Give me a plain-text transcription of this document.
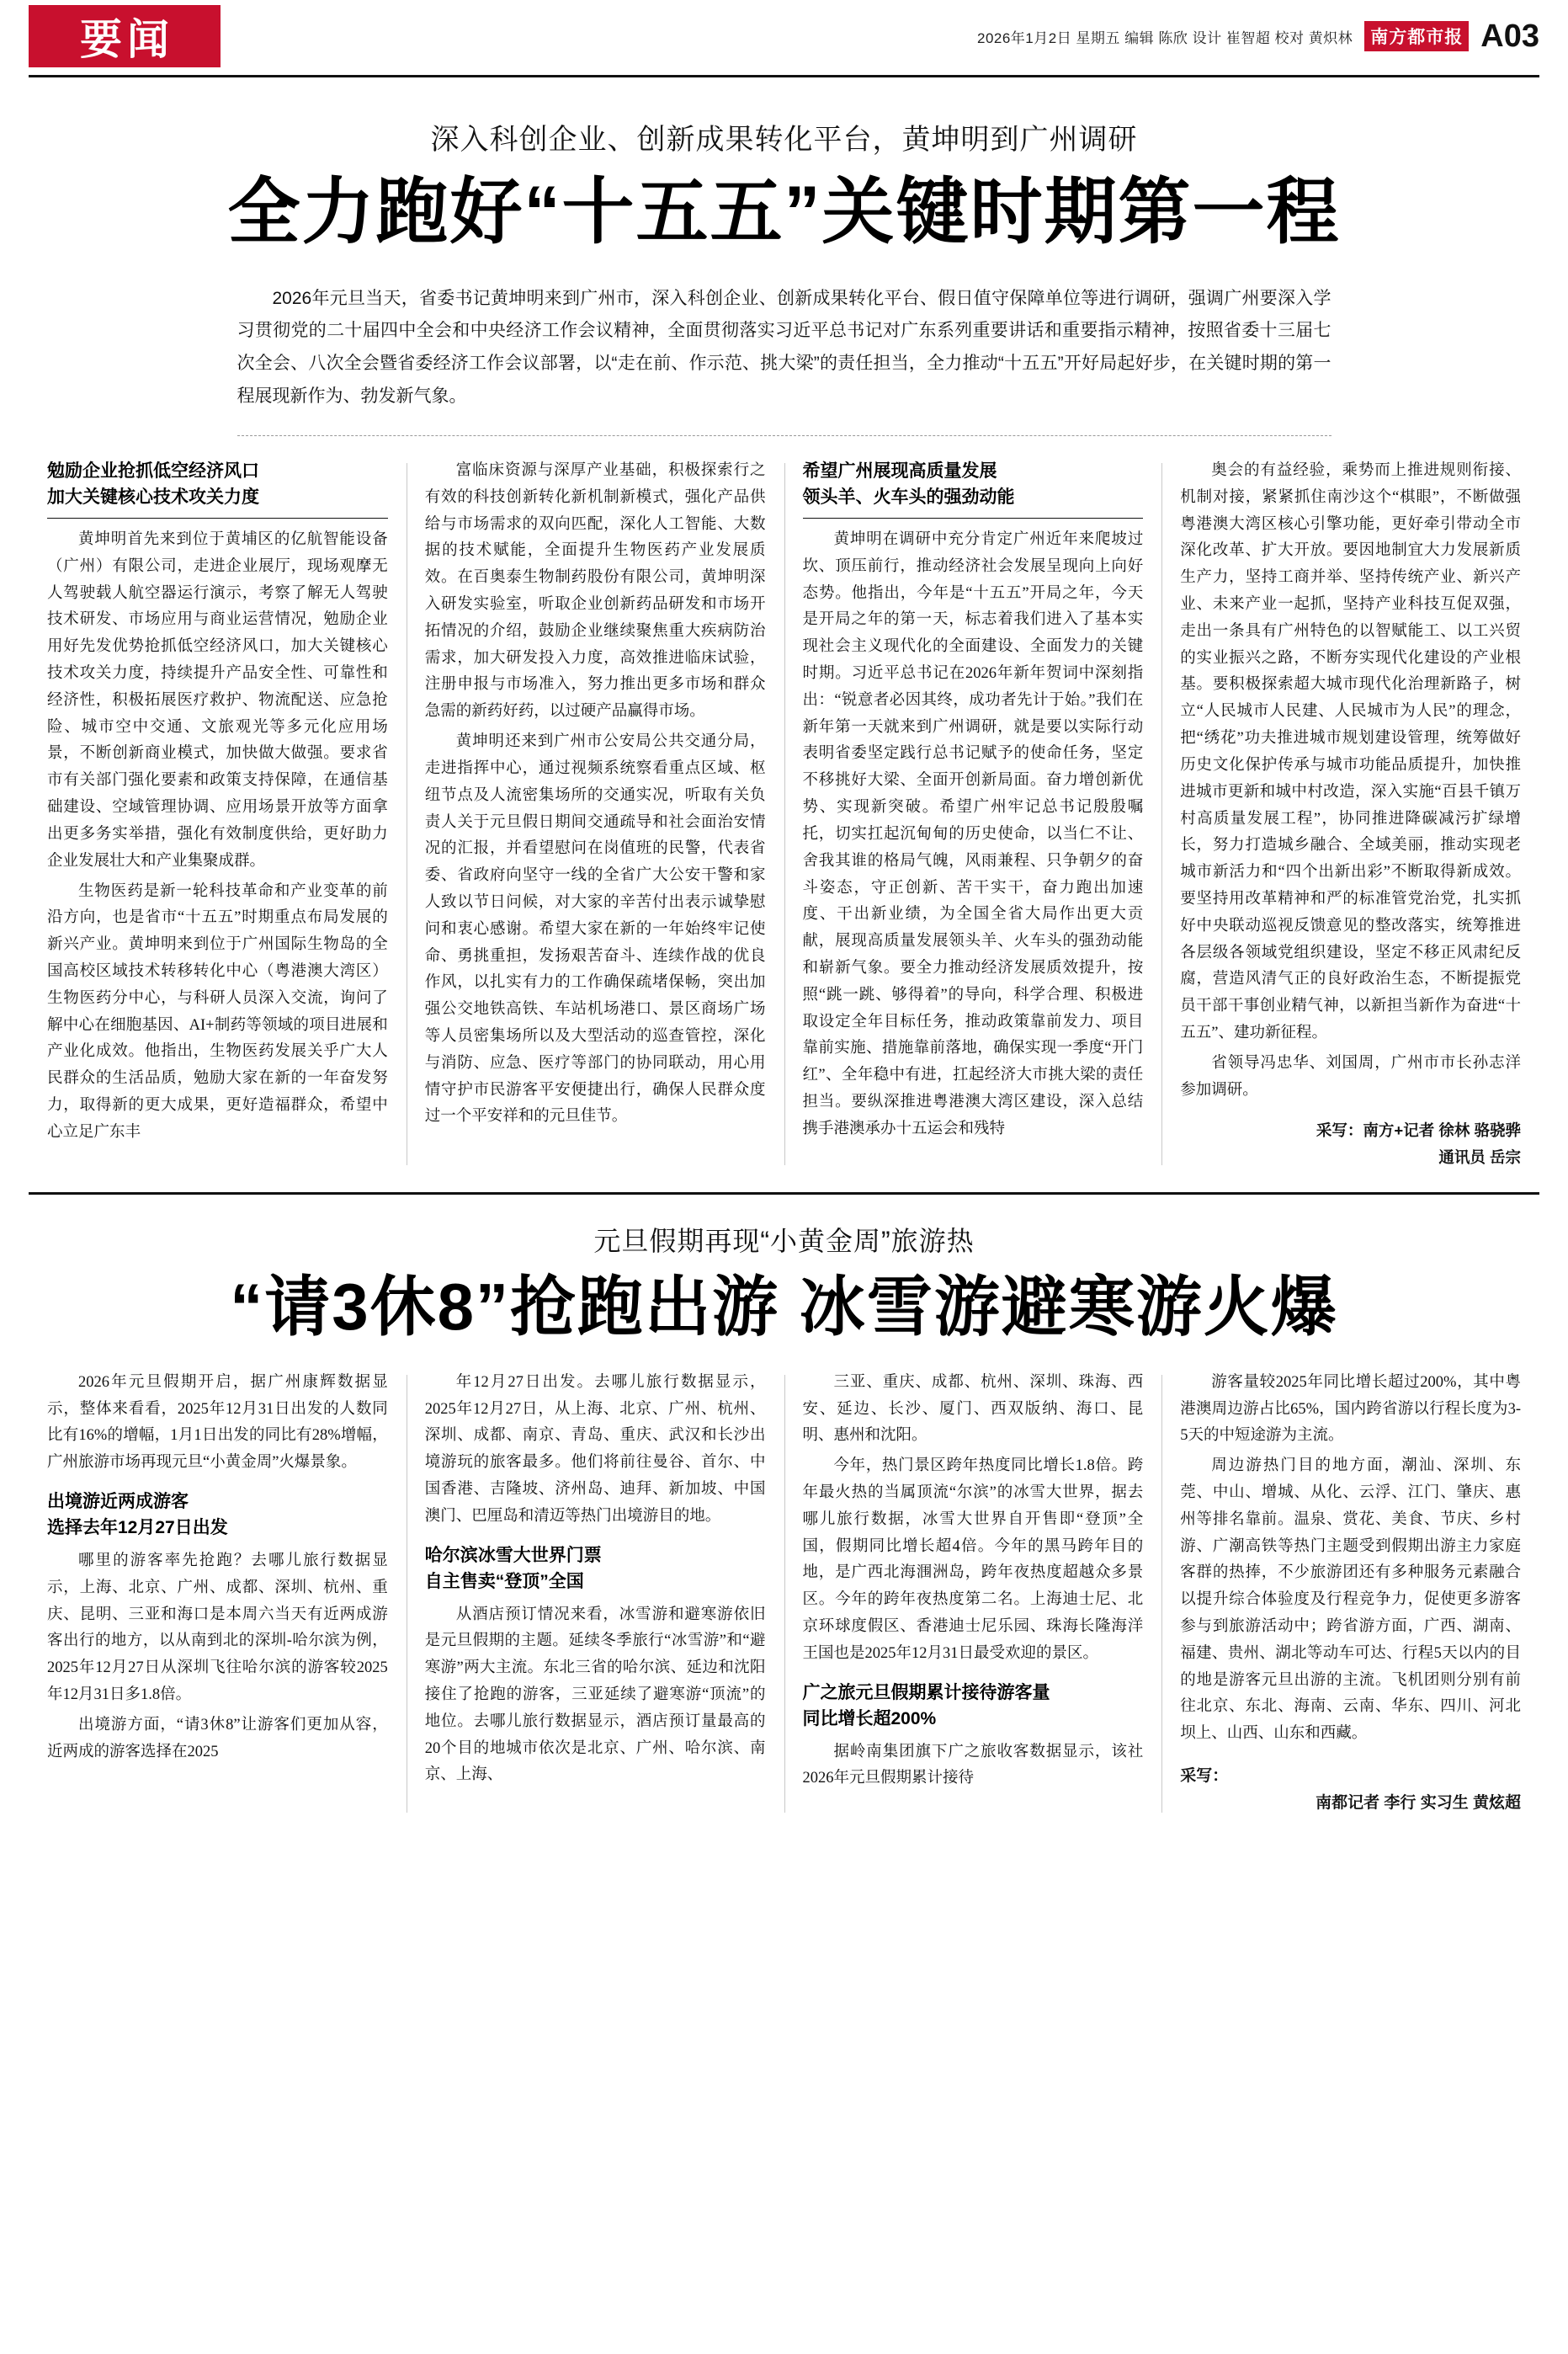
要闻	2026年1月2日 星期五 编辑 陈欣 设计 崔智超 校对 黄炽林	南方都市报 A03
深入科创企业、创新成果转化平台，黄坤明到广州调研
全力跑好“十五五”关键时期第一程
2026年元旦当天，省委书记黄坤明来到广州市，深入科创企业、创新成果转化平台、假日值守保障单位等进行调研，强调广州要深入学习贯彻党的二十届四中全会和中央经济工作会议精神，全面贯彻落实习近平总书记对广东系列重要讲话和重要指示精神，按照省委十三届七次全会、八次全会暨省委经济工作会议部署，以“走在前、作示范、挑大梁”的责任担当，全力推动“十五五”开好局起好步，在关键时期的第一程展现新作为、勃发新气象。
勉励企业抢抓低空经济风口
加大关键核心技术攻关力度

黄坤明首先来到位于黄埔区的亿航智能设备（广州）有限公司，走进企业展厅，现场观摩无人驾驶载人航空器运行演示，考察了解无人驾驶技术研发、市场应用与商业运营情况，勉励企业用好先发优势抢抓低空经济风口，加大关键核心技术攻关力度，持续提升产品安全性、可靠性和经济性，积极拓展医疗救护、物流配送、应急抢险、城市空中交通、文旅观光等多元化应用场景，不断创新商业模式，加快做大做强。要求省市有关部门强化要素和政策支持保障，在通信基础建设、空域管理协调、应用场景开放等方面拿出更多务实举措，强化有效制度供给，更好助力企业发展壮大和产业集聚成群。

生物医药是新一轮科技革命和产业变革的前沿方向，也是省市“十五五”时期重点布局发展的新兴产业。黄坤明来到位于广州国际生物岛的全国高校区域技术转移转化中心（粤港澳大湾区）生物医药分中心，与科研人员深入交流，询问了解中心在细胞基因、AI+制药等领域的项目进展和产业化成效。他指出，生物医药发展关乎广大人民群众的生活品质，勉励大家在新的一年奋发努力，取得新的更大成果，更好造福群众，希望中心立足广东丰

富临床资源与深厚产业基础，积极探索行之有效的科技创新转化新机制新模式，强化产品供给与市场需求的双向匹配，深化人工智能、大数据的技术赋能，全面提升生物医药产业发展质效。在百奥泰生物制药股份有限公司，黄坤明深入研发实验室，听取企业创新药品研发和市场开拓情况的介绍，鼓励企业继续聚焦重大疾病防治需求，加大研发投入力度，高效推进临床试验，注册申报与市场准入，努力推出更多市场和群众急需的新药好药，以过硬产品赢得市场。

黄坤明还来到广州市公安局公共交通分局，走进指挥中心，通过视频系统察看重点区域、枢纽节点及人流密集场所的交通实况，听取有关负责人关于元旦假日期间交通疏导和社会面治安情况的汇报，并看望慰问在岗值班的民警，代表省委、省政府向坚守一线的全省广大公安干警和家人致以节日问候，对大家的辛苦付出表示诚挚慰问和衷心感谢。希望大家在新的一年始终牢记使命、勇挑重担，发扬艰苦奋斗、连续作战的优良作风，以扎实有力的工作确保疏堵保畅，突出加强公交地铁高铁、车站机场港口、景区商场广场等人员密集场所以及大型活动的巡查管控，深化与消防、应急、医疗等部门的协同联动，用心用情守护市民游客平安便捷出行，确保人民群众度过一个平安祥和的元旦佳节。

希望广州展现高质量发展
领头羊、火车头的强劲动能

黄坤明在调研中充分肯定广州近年来爬坡过坎、顶压前行，推动经济社会发展呈现向上向好态势。他指出，今年是“十五五”开局之年，今天是开局之年的第一天，标志着我们进入了基本实现社会主义现代化的全面建设、全面发力的关键时期。习近平总书记在2026年新年贺词中深刻指出：“锐意者必因其终，成功者先计于始。”我们在新年第一天就来到广州调研，就是要以实际行动表明省委坚定践行总书记赋予的使命任务，坚定不移挑好大梁、全面开创新局面。奋力增创新优势、实现新突破。希望广州牢记总书记殷殷嘱托，切实扛起沉甸甸的历史使命，以当仁不让、舍我其谁的格局气魄，风雨兼程、只争朝夕的奋斗姿态，守正创新、苦干实干，奋力跑出加速度、干出新业绩，为全国全省大局作出更大贡献，展现高质量发展领头羊、火车头的强劲动能和崭新气象。要全力推动经济发展质效提升，按照“跳一跳、够得着”的导向，科学合理、积极进取设定全年目标任务，推动政策靠前发力、项目靠前实施、措施靠前落地，确保实现一季度“开门红”、全年稳中有进，扛起经济大市挑大梁的责任担当。要纵深推进粤港澳大湾区建设，深入总结携手港澳承办十五运会和残特

奥会的有益经验，乘势而上推进规则衔接、机制对接，紧紧抓住南沙这个“棋眼”，不断做强粤港澳大湾区核心引擎功能，更好牵引带动全市深化改革、扩大开放。要因地制宜大力发展新质生产力，坚持工商并举、坚持传统产业、新兴产业、未来产业一起抓，坚持产业科技互促双强，走出一条具有广州特色的以智赋能工、以工兴贸的实业振兴之路，不断夯实现代化建设的产业根基。要积极探索超大城市现代化治理新路子，树立“人民城市人民建、人民城市为人民”的理念，把“绣花”功夫推进城市规划建设管理，统筹做好历史文化保护传承与城市功能品质提升，加快推进城市更新和城中村改造，深入实施“百县千镇万村高质量发展工程”，协同推进降碳减污扩绿增长，努力打造城乡融合、全域美丽，推动实现老城市新活力和“四个出新出彩”不断取得新成效。要坚持用改革精神和严的标准管党治党，扎实抓好中央联动巡视反馈意见的整改落实，统筹推进各层级各领域党组织建设，坚定不移正风肃纪反腐，营造风清气正的良好政治生态，不断提振党员干部干事创业精气神，以新担当新作为奋进“十五五”、建功新征程。

省领导冯忠华、刘国周，广州市市长孙志洋参加调研。

采写：南方+记者 徐林 骆骁骅
通讯员 岳宗
元旦假期再现“小黄金周”旅游热
“请3休8”抢跑出游 冰雪游避寒游火爆

2026年元旦假期开启，据广州康辉数据显示，整体来看看，2025年12月31日出发的人数同比有16%的增幅，1月1日出发的同比有28%增幅，广州旅游市场再现元旦“小黄金周”火爆景象。

出境游近两成游客
选择去年12月27日出发

哪里的游客率先抢跑？去哪儿旅行数据显示，上海、北京、广州、成都、深圳、杭州、重庆、昆明、三亚和海口是本周六当天有近两成游客出行的地方，以从南到北的深圳-哈尔滨为例，2025年12月27日从深圳飞往哈尔滨的游客较2025年12月31日多1.8倍。

出境游方面，“请3休8”让游客们更加从容，近两成的游客选择在2025

年12月27日出发。去哪儿旅行数据显示，2025年12月27日，从上海、北京、广州、杭州、深圳、成都、南京、青岛、重庆、武汉和长沙出境游玩的旅客最多。他们将前往曼谷、首尔、中国香港、吉隆坡、济州岛、迪拜、新加坡、中国澳门、巴厘岛和清迈等热门出境游目的地。

哈尔滨冰雪大世界门票
自主售卖“登顶”全国

从酒店预订情况来看，冰雪游和避寒游依旧是元旦假期的主题。延续冬季旅行“冰雪游”和“避寒游”两大主流。东北三省的哈尔滨、延边和沈阳接住了抢跑的游客，三亚延续了避寒游“顶流”的地位。去哪儿旅行数据显示，酒店预订量最高的20个目的地城市依次是北京、广州、哈尔滨、南京、上海、

三亚、重庆、成都、杭州、深圳、珠海、西安、延边、长沙、厦门、西双版纳、海口、昆明、惠州和沈阳。

今年，热门景区跨年热度同比增长1.8倍。跨年最火热的当属顶流“尔滨”的冰雪大世界，据去哪儿旅行数据，冰雪大世界自开售即“登顶”全国，假期同比增长超4倍。今年的黑马跨年目的地，是广西北海涠洲岛，跨年夜热度超越众多景区。今年的跨年夜热度第二名。上海迪士尼、北京环球度假区、香港迪士尼乐园、珠海长隆海洋王国也是2025年12月31日最受欢迎的景区。

广之旅元旦假期累计接待游客量
同比增长超200%

据岭南集团旗下广之旅收客数据显示，该社2026年元旦假期累计接待

游客量较2025年同比增长超过200%，其中粤港澳周边游占比65%，国内跨省游以行程长度为3-5天的中短途游为主流。

周边游热门目的地方面，潮汕、深圳、东莞、中山、增城、从化、云浮、江门、肇庆、惠州等排名靠前。温泉、赏花、美食、节庆、乡村游、广潮高铁等热门主题受到假期出游主力家庭客群的热捧，不少旅游团还有多种服务元素融合以提升综合体验度及行程竞争力，促使更多游客参与到旅游活动中；跨省游方面，广西、湖南、福建、贵州、湖北等动车可达、行程5天以内的目的地是游客元旦出游的主流。飞机团则分别有前往北京、东北、海南、云南、华东、四川、河北坝上、山西、山东和西藏。

采写：
南都记者 李行 实习生 黄炫超
